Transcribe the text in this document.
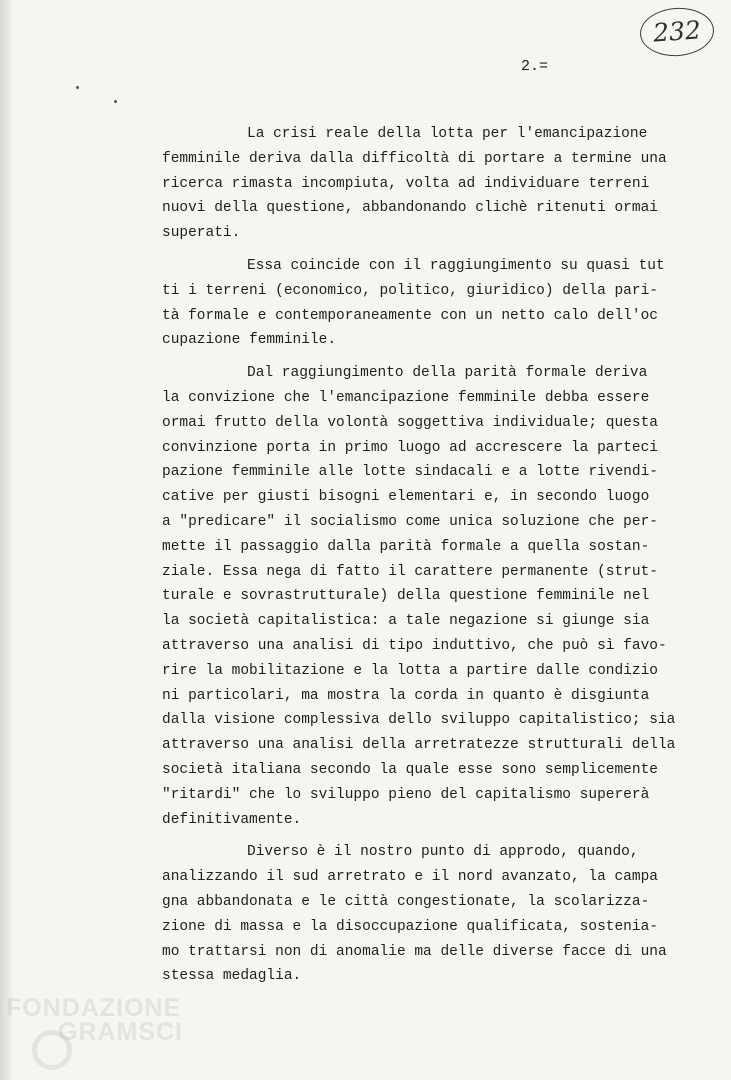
232
2.=
La crisi reale della lotta per l'emancipazione
femminile deriva dalla difficoltà di portare a termine una
ricerca rimasta incompiuta, volta ad individuare terreni
nuovi della questione, abbandonando clichè ritenuti ormai
superati.
Essa coincide con il raggiungimento su quasi tut
ti i terreni (economico, politico, giuridico) della pari-
tà formale e contemporaneamente con un netto calo dell'oc
cupazione femminile.
Dal raggiungimento della parità formale deriva
la convizione che l'emancipazione femminile debba essere
ormai frutto della volontà soggettiva individuale; questa
convinzione porta in primo luogo ad accrescere la parteci
pazione femminile alle lotte sindacali e a lotte rivendi-
cative per giusti bisogni elementari e, in secondo luogo
a "predicare" il socialismo come unica soluzione che per-
mette il passaggio dalla parità formale a quella sostan-
ziale. Essa nega di fatto il carattere permanente (strut-
turale e sovrastrutturale) della questione femminile nel
la società capitalistica: a tale negazione si giunge sia
attraverso una analisi di tipo induttivo, che può sì favo-
rire la mobilitazione e la lotta a partire dalle condizio
ni particolari, ma mostra la corda in quanto è disgiunta
dalla visione complessiva dello sviluppo capitalistico; sia
attraverso una analisi della arretratezze strutturali della
società italiana secondo la quale esse sono semplicemente
"ritardi" che lo sviluppo pieno del capitalismo supererà
definitivamente.
Diverso è il nostro punto di approdo, quando,
analizzando il sud arretrato e il nord avanzato, la campa
gna abbandonata e le città congestionate, la scolarizza-
zione di massa e la disoccupazione qualificata, sostenia-
mo trattarsi non di anomalie ma delle diverse facce di una
stessa medaglia.
FONDAZIONE
GRAMSCI
